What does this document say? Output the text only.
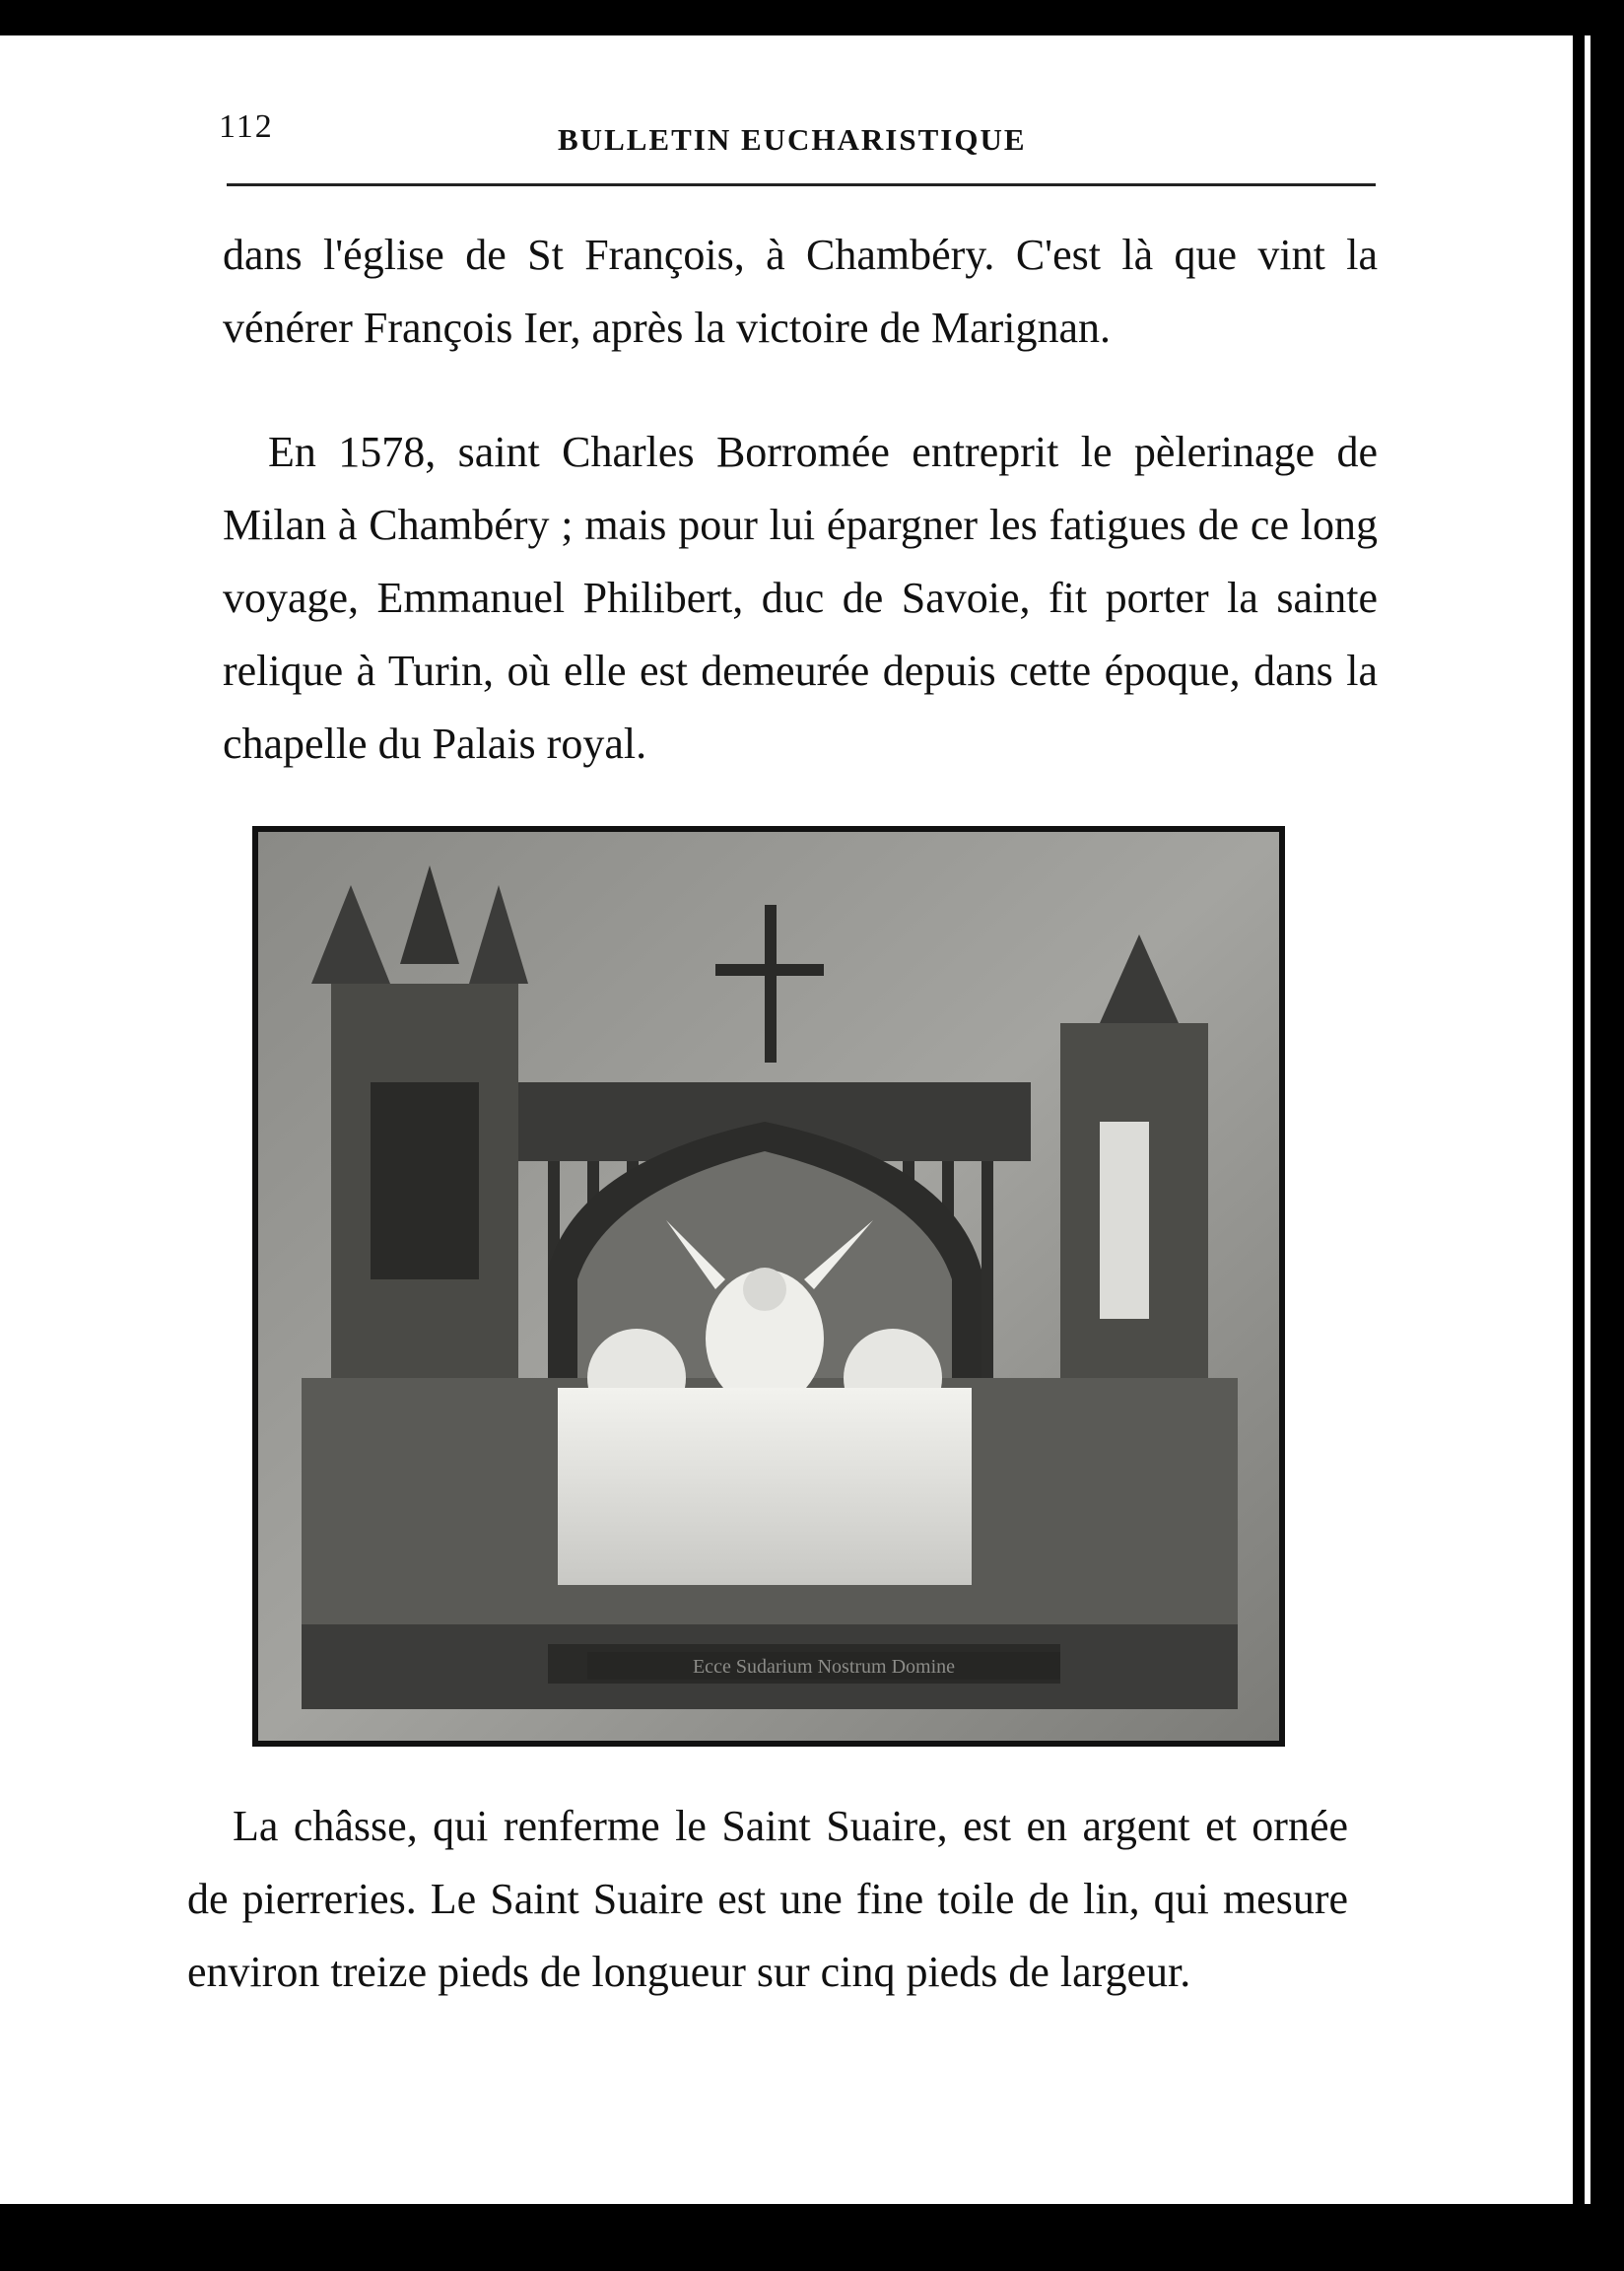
112	BULLETIN EUCHARISTIQUE

dans l'église de St François, à Chambéry. C'est là que vint la vénérer François Ier, après la victoire de Marignan.

En 1578, saint Charles Borromée entreprit le pèlerinage de Milan à Chambéry ; mais pour lui épargner les fatigues de ce long voyage, Emmanuel Philibert, duc de Savoie, fit porter la sainte relique à Turin, où elle est demeurée depuis cette époque, dans la chapelle du Palais royal.

Ecce Sudarium Nostrum Domine

La châsse, qui renferme le Saint Suaire, est en argent et ornée de pierreries. Le Saint Suaire est une fine toile de lin, qui mesure environ treize pieds de longueur sur cinq pieds de largeur.
